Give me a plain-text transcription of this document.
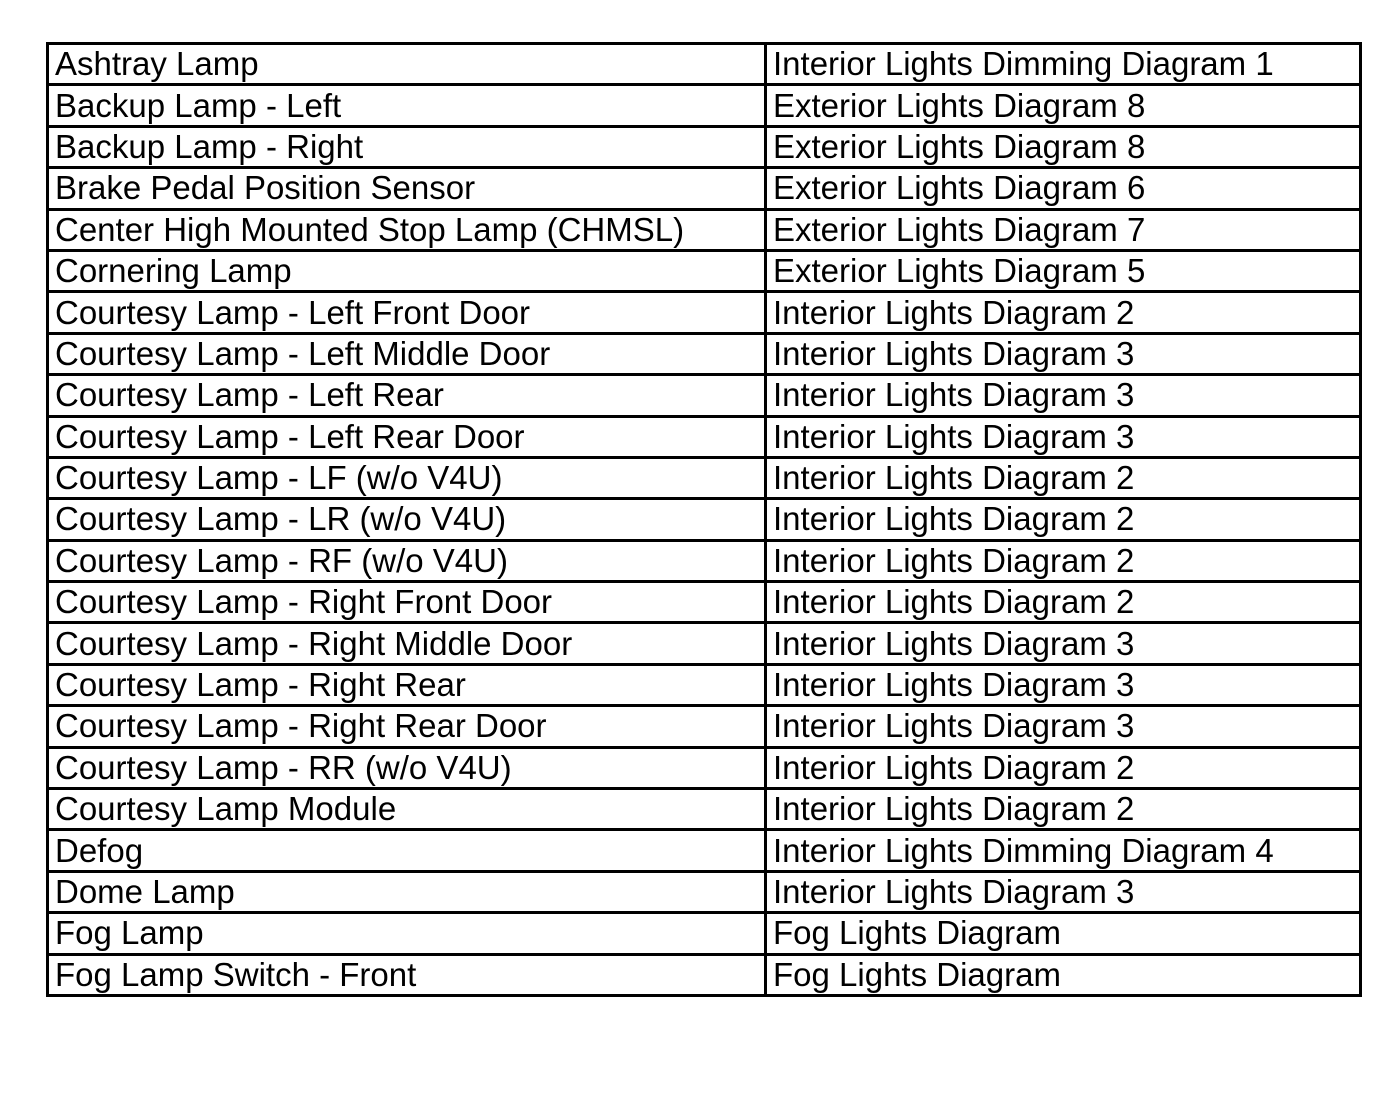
Ashtray Lamp	Interior Lights Dimming Diagram 1
Backup Lamp - Left	Exterior Lights Diagram 8
Backup Lamp - Right	Exterior Lights Diagram 8
Brake Pedal Position Sensor	Exterior Lights Diagram 6
Center High Mounted Stop Lamp (CHMSL)	Exterior Lights Diagram 7
Cornering Lamp	Exterior Lights Diagram 5
Courtesy Lamp - Left Front Door	Interior Lights Diagram 2
Courtesy Lamp - Left Middle Door	Interior Lights Diagram 3
Courtesy Lamp - Left Rear	Interior Lights Diagram 3
Courtesy Lamp - Left Rear Door	Interior Lights Diagram 3
Courtesy Lamp - LF (w/o V4U)	Interior Lights Diagram 2
Courtesy Lamp - LR (w/o V4U)	Interior Lights Diagram 2
Courtesy Lamp - RF (w/o V4U)	Interior Lights Diagram 2
Courtesy Lamp - Right Front Door	Interior Lights Diagram 2
Courtesy Lamp - Right Middle Door	Interior Lights Diagram 3
Courtesy Lamp - Right Rear	Interior Lights Diagram 3
Courtesy Lamp - Right Rear Door	Interior Lights Diagram 3
Courtesy Lamp - RR (w/o V4U)	Interior Lights Diagram 2
Courtesy Lamp Module	Interior Lights Diagram 2
Defog	Interior Lights Dimming Diagram 4
Dome Lamp	Interior Lights Diagram 3
Fog Lamp	Fog Lights Diagram
Fog Lamp Switch - Front	Fog Lights Diagram
